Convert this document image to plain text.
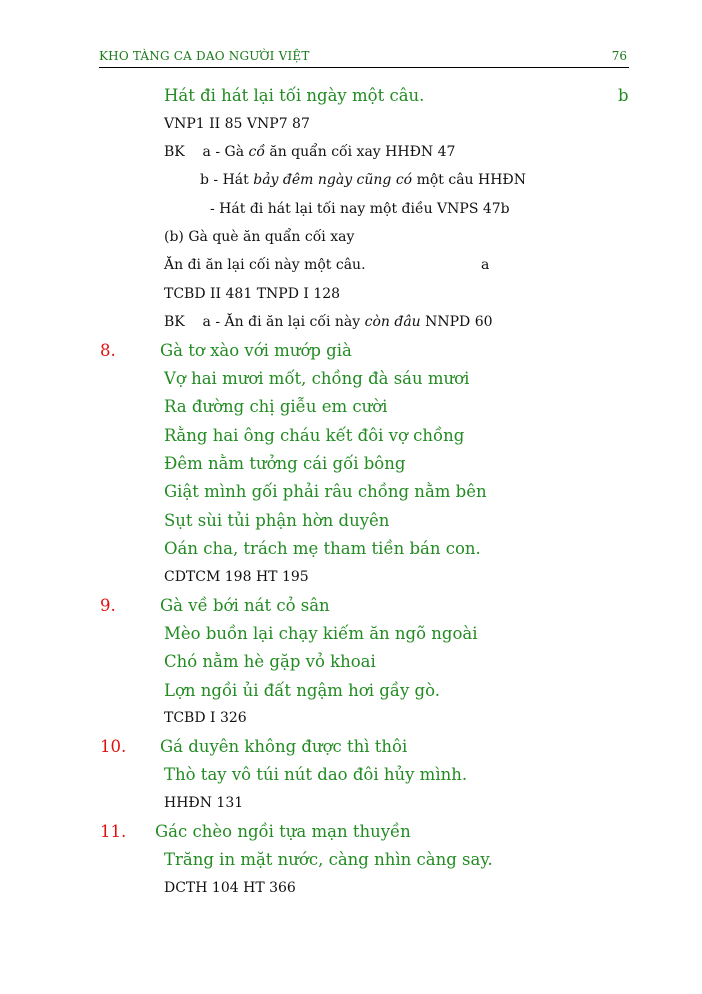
KHO TÀNG CA DAO NGƯỜI VIỆT	76
Hát đi hát lại tối ngày một câu.	b
VNP1 II 85 VNP7 87
BK    a - Gà cồ ăn quẩn cối xay HHĐN 47
b - Hát bảy đêm ngày cũng có một câu HHĐN
- Hát đi hát lại tối nay một điều VNPS 47b
(b) Gà què ăn quẩn cối xay
Ăn đi ăn lại cối này một câu.	a
TCBD II 481 TNPD I 128
BK    a - Ăn đi ăn lại cối này còn đâu NNPD 60
8.	Gà tơ xào với mướp già
Vợ hai mươi mốt, chồng đà sáu mươi
Ra đường chị giễu em cười
Rằng hai ông cháu kết đôi vợ chồng
Đêm nằm tưởng cái gối bông
Giật mình gối phải râu chồng nằm bên
Sụt sùi tủi phận hờn duyên
Oán cha, trách mẹ tham tiền bán con.
CDTCM 198 HT 195
9.	Gà về bới nát cỏ sân
Mèo buồn lại chạy kiếm ăn ngõ ngoài
Chó nằm hè gặp vỏ khoai
Lợn ngồi ủi đất ngậm hơi gầy gò.
TCBD I 326
10. Gá duyên không được thì thôi
Thò tay vô túi nút dao đôi hủy mình.
HHĐN 131
11. Gác chèo ngồi tựa mạn thuyền
Trăng in mặt nước, càng nhìn càng say.
DCTH 104 HT 366
